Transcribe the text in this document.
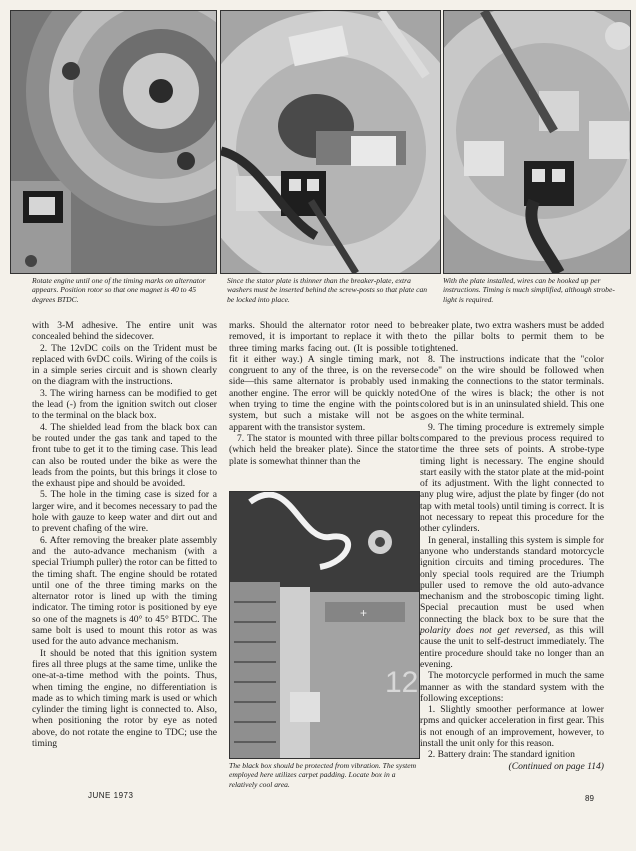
Rotate engine until one of the timing marks on alternator appears. Position rotor so that one magnet is 40 to 45 degrees BTDC.
Since the stator plate is thinner than the breaker-plate, extra washers must be inserted behind the screw-posts so that plate can be locked into place.
With the plate installed, wires can be hooked up per instructions. Timing is much simplified, although strobe-light is required.

with 3-M adhesive. The entire unit was concealed behind the sidecover.

2. The 12vDC coils on the Trident must be replaced with 6vDC coils. Wiring of the coils is in a simple series circuit and is shown clearly on the diagram with the instructions.

3. The wiring harness can be modified to get the lead (-) from the ignition switch out closer to the terminal on the black box.

4. The shielded lead from the black box can be routed under the gas tank and taped to the front tube to get it to the timing case. This lead can also be routed under the bike as were the leads from the points, but this brings it close to the exhaust pipe and should be avoided.

5. The hole in the timing case is sized for a larger wire, and it becomes necessary to pad the hole with gauze to keep water and dirt out and to prevent chafing of the wire.

6. After removing the breaker plate assembly and the auto-advance mechanism (with a special Triumph puller) the rotor can be fitted to the timing shaft. The engine should be rotated until one of the three timing marks on the alternator rotor is lined up with the timing indicator. The timing rotor is positioned by eye so one of the magnets is 40° to 45° BTDC. The same bolt is used to mount this rotor as was used for the auto advance mechanism.

It should be noted that this ignition system fires all three plugs at the same time, unlike the one-at-a-time method with the points. Thus, when timing the engine, no differentiation is made as to which timing mark is used or which cylinder the timing light is connected to. Also, when positioning the rotor by eye as noted above, do not rotate the engine to TDC; use the timing

marks. Should the alternator rotor need to be removed, it is important to replace it with the three timing marks facing out. (It is possible to fit it either way.) A single timing mark, not congruent to any of the three, is on the reverse side—this same alternator is probably used in another engine. The error will be quickly noted when trying to time the engine with the points system, but such a mistake will not be as apparent with the transistor system.

7. The stator is mounted with three pillar bolts (which held the breaker plate). Since the stator plate is somewhat thinner than the

+
12
The black box should be protected from vibration. The system employed here utilizes carpet padding. Locate box in a relatively cool area.

breaker plate, two extra washers must be added to the pillar bolts to permit them to be tightened.

8. The instructions indicate that the "color code" on the wire should be followed when making the connections to the stator terminals. One of the wires is black; the other is not colored but is in an uninsulated shield. This one goes on the white terminal.

9. The timing procedure is extremely simple compared to the previous process required to time the three sets of points. A strobe-type timing light is necessary. The engine should start easily with the stator plate at the mid-point of its adjustment. With the light connected to any plug wire, adjust the plate by finger (do not tap with metal tools) until timing is correct. It is not necessary to repeat this procedure for the other cylinders.

In general, installing this system is simple for anyone who understands standard motorcycle ignition circuits and timing procedures. The only special tools required are the Triumph puller used to remove the old auto-advance mechanism and the stroboscopic timing light. Special precaution must be used when connecting the black box to be sure that the polarity does not get reversed, as this will cause the unit to self-destruct immediately. The entire procedure should take no longer than an evening.

The motorcycle performed in much the same manner as with the standard system with the following exceptions:

1. Slightly smoother performance at lower rpms and quicker acceleration in first gear. This is not enough of an improvement, however, to install the unit only for this reason.

2. Battery drain: The standard ignition

(Continued on page 114)
JUNE 1973	89
